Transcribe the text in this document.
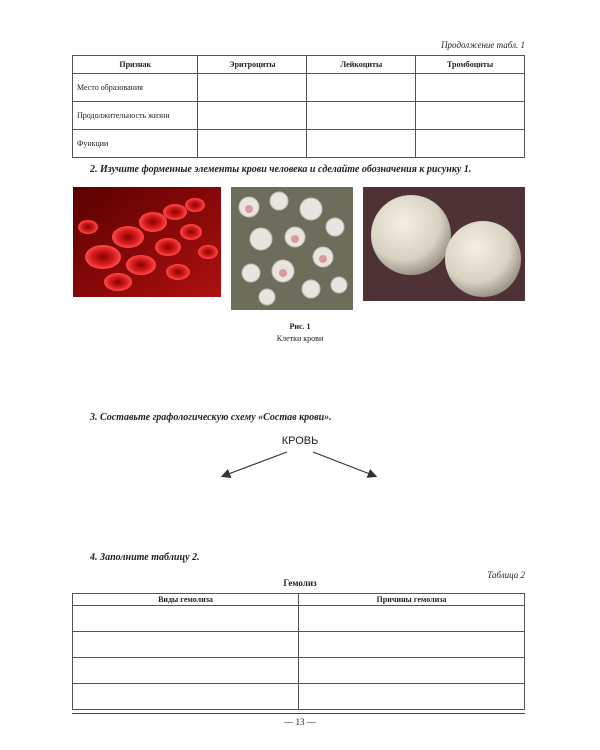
Продолжение табл. 1
Признак	Эритроциты	Лейкоциты	Тромбоциты
Место образования			
Продолжительность жизни			
Функции			
2. Изучите форменные элементы крови человека и сделайте обозначения к рисунку 1.
Рис. 1
Клетки крови
3. Составьте графологическую схему «Состав крови».
КРОВЬ
4. Заполните таблицу 2.
Таблица 2
Гемолиз
Виды гемолиза	Причины гемолиза

— 13 —
